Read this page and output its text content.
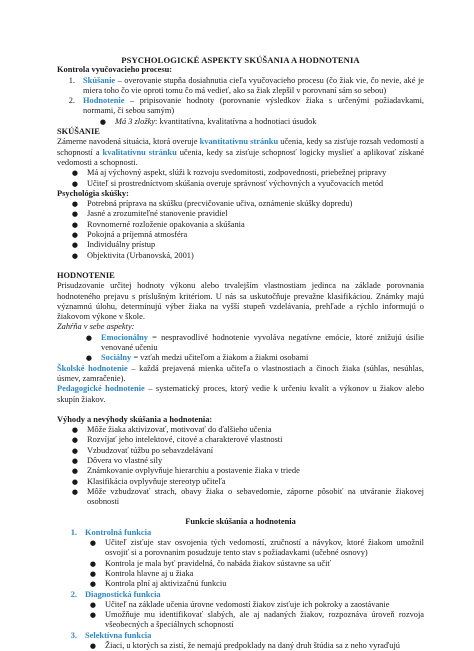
PSYCHOLOGICKÉ ASPEKTY SKÚŠANIA A HODNOTENIA
Kontrola vyučovacieho procesu:
1. Skúšanie – overovanie stupňa dosiahnutia cieľa vyučovacieho procesu (čo žiak vie, čo nevie, aké je miera toho čo vie oproti tomu čo má vedieť, ako sa žiak zlepšil v porovnaní sám so sebou)
2. Hodnotenie – pripisovanie hodnoty (porovnanie výsledkov žiaka s určenými požiadavkami, normami, či sebou samým)
●	Má 3 zložky: kvantitatívna, kvalitatívna a hodnotiaci úsudok
SKÚŠANIE

Zámerne navodená situácia, ktorá overuje kvantitatívnu stránku učenia, kedy sa zisťuje rozsah vedomostí a schopností a kvalitatívnu stránku učenia, kedy sa zisťuje schopnosť logicky myslieť a aplikovať získané vedomosti a schopnosti.

●	Má aj výchovný aspekt, slúži k rozvoju svedomitosti, zodpovednosti, priebežnej pripravy
●	Učiteľ si prostredníctvom skúšania overuje správnosť výchovných a vyučovacích metód
Psychológia skúšky:
●	Potrebná príprava na skúšku (precvičovanie učiva, oznámenie skúšky dopredu)
●	Jasné a zrozumiteľné stanovenie pravidiel
●	Rovnomerné rozloženie opakovania a skúšania
●	Pokojná a príjemná atmosféra
●	Individuálny prístup
●	Objektivita (Urbanovská, 2001)
HODNOTENIE

Prisudzovanie určitej hodnoty výkonu alebo trvalejším vlastnostiam jedinca na základe porovnania hodnoteného prejavu s príslušným kritériom. U nás sa uskutočňuje prevažne klasifikáciou. Známky majú významnú úlohu, determinujú výber žiaka na vyšší stupeň vzdelávania, prehľade a rýchlo informujú o žiakovom výkone v škole.

Zahŕňa v sebe aspekty:
●	Emocionálny = nespravodlivé hodnotenie vyvoláva negatívne emócie, ktoré znižujú úsilie venované učeniu
●	Sociálny = vzťah medzi učiteľom a žiakom a žiakmi osobami

Školské hodnotenie – každá prejavená mienka učiteľa o vlastnostiach a činoch žiaka (súhlas, nesúhlas, úsmev, zamračenie).

Pedagogické hodnotenie – systematický proces, ktorý vedie k určeniu kvalít a výkonov u žiakov alebo skupín žiakov.

Výhody a nevýhody skúšania a hodnotenia:
●	Môže žiaka aktivizovať, motivovať do ďalšieho učenia
●	Rozvíjať jeho intelektové, citové a charakterové vlastnosti
●	Vzbudzovať túžbu po sebavzdelávaní
●	Dôvera vo vlastné sily
●	Známkovanie ovplyvňuje hierarchiu a postavenie žiaka v triede
●	Klasifikácia ovplyvňuje stereotyp učiteľa
●	Môže vzbudzovať strach, obavy žiaka o sebavedomie, záporne pôsobiť na utváranie žiakovej osobnosti
Funkcie skúšania a hodnotenia
1. Kontrolná funkcia
●	Učiteľ zisťuje stav osvojenia tých vedomostí, zručností a návykov, ktoré žiakom umožnil osvojiť si a porovnanim posudzuje tento stav s požiadavkami (učebné osnovy)
●	Kontrola je mala byť pravidelná, čo nabáda žiakov sústavne sa učiť
●	Kontrola hlavne aj u žiaka
●	Kontrola plní aj aktivizačnú funkciu
2. Diagnostická funkcia
●	Učiteľ na základe učenia úrovne vedomostí žiakov zisťuje ich pokroky a zaostávanie
●	Umožňuje mu identifikovať slabých, ale aj nadaných žiakov, rozpoznáva úroveň rozvoja všeobecných a špeciálnych schopností
3. Selektívna funkcia
●	Žiaci, u ktorých sa zistí, že nemajú predpoklady na daný druh štúdia sa z neho vyraďujú
